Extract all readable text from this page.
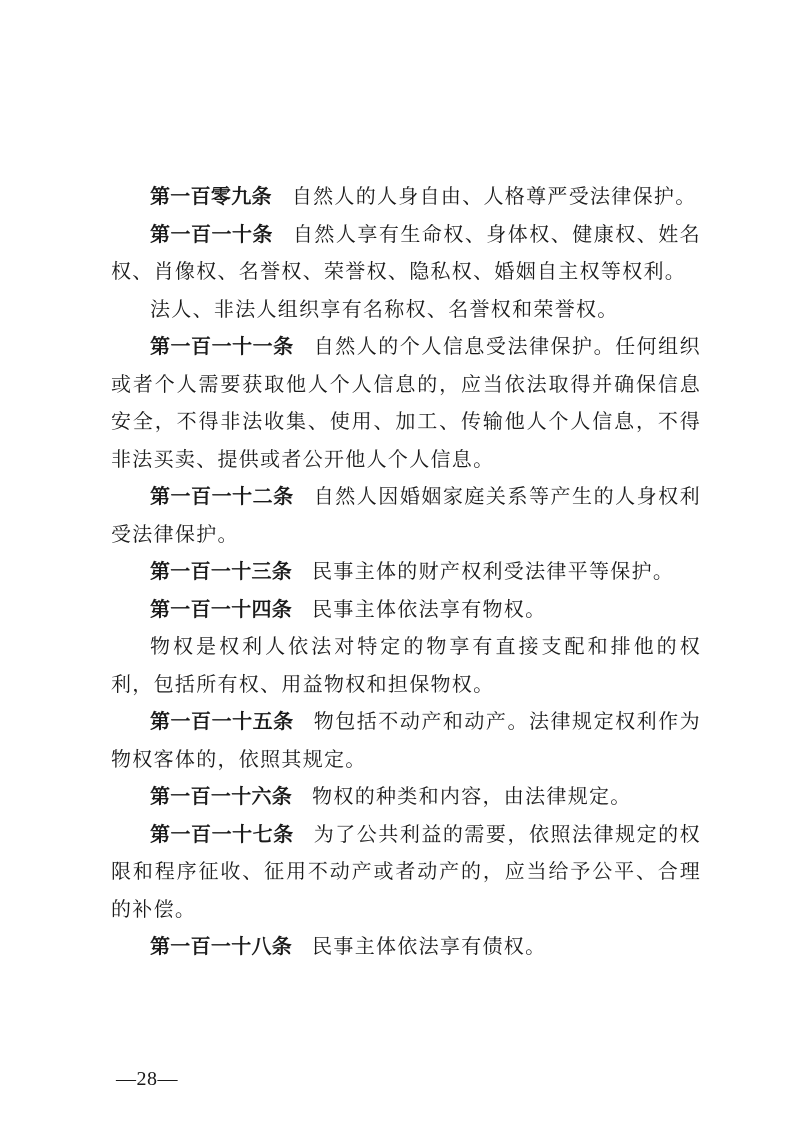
第一百零九条 自然人的人身自由、人格尊严受法律保护。

第一百一十条 自然人享有生命权、身体权、健康权、姓名权、肖像权、名誉权、荣誉权、隐私权、婚姻自主权等权利。

法人、非法人组织享有名称权、名誉权和荣誉权。

第一百一十一条 自然人的个人信息受法律保护。任何组织或者个人需要获取他人个人信息的，应当依法取得并确保信息安全，不得非法收集、使用、加工、传输他人个人信息，不得非法买卖、提供或者公开他人个人信息。

第一百一十二条 自然人因婚姻家庭关系等产生的人身权利受法律保护。

第一百一十三条 民事主体的财产权利受法律平等保护。

第一百一十四条 民事主体依法享有物权。

物权是权利人依法对特定的物享有直接支配和排他的权利，包括所有权、用益物权和担保物权。

第一百一十五条 物包括不动产和动产。法律规定权利作为物权客体的，依照其规定。

第一百一十六条 物权的种类和内容，由法律规定。

第一百一十七条 为了公共利益的需要，依照法律规定的权限和程序征收、征用不动产或者动产的，应当给予公平、合理的补偿。

第一百一十八条 民事主体依法享有债权。

—28—
